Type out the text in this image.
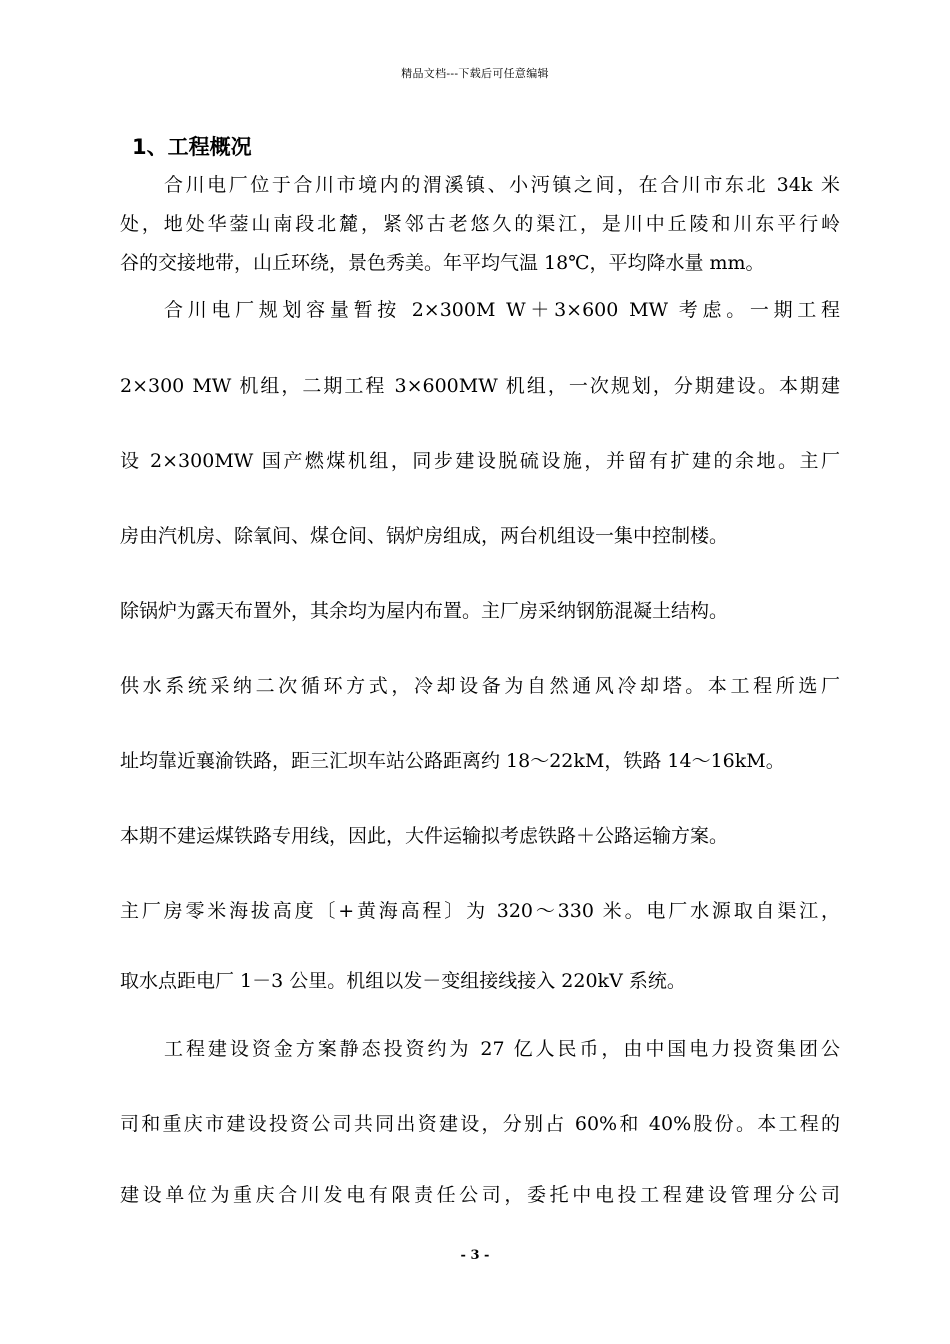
精品文档---下载后可任意编辑
1、工程概况

合川电厂位于合川市境内的渭溪镇、小沔镇之间，在合川市东北 34k 米

处，地处华蓥山南段北麓，紧邻古老悠久的渠江，是川中丘陵和川东平行岭

谷的交接地带，山丘环绕，景色秀美。年平均气温 18℃，平均降水量 mm。

合川电厂规划容量暂按 2×300M W＋3×600 MW 考虑。一期工程

2×300 MW 机组，二期工程 3×600MW 机组，一次规划，分期建设。本期建

设 2×300MW 国产燃煤机组，同步建设脱硫设施，并留有扩建的余地。主厂

房由汽机房、除氧间、煤仓间、锅炉房组成，两台机组设一集中控制楼。

除锅炉为露天布置外，其余均为屋内布置。主厂房采纳钢筋混凝土结构。

供水系统采纳二次循环方式，冷却设备为自然通风冷却塔。本工程所选厂

址均靠近襄渝铁路，距三汇坝车站公路距离约 18～22kM，铁路 14～16kM。

本期不建运煤铁路专用线，因此，大件运输拟考虑铁路＋公路运输方案。

主厂房零米海拔高度〔+黄海高程〕为 320～330 米。电厂水源取自渠江，

取水点距电厂 1－3 公里。机组以发－变组接线接入 220kV 系统。

工程建设资金方案静态投资约为 27 亿人民币，由中国电力投资集团公

司和重庆市建设投资公司共同出资建设，分别占 60%和 40%股份。本工程的

建设单位为重庆合川发电有限责任公司，委托中电投工程建设管理分公司

- 3 -
